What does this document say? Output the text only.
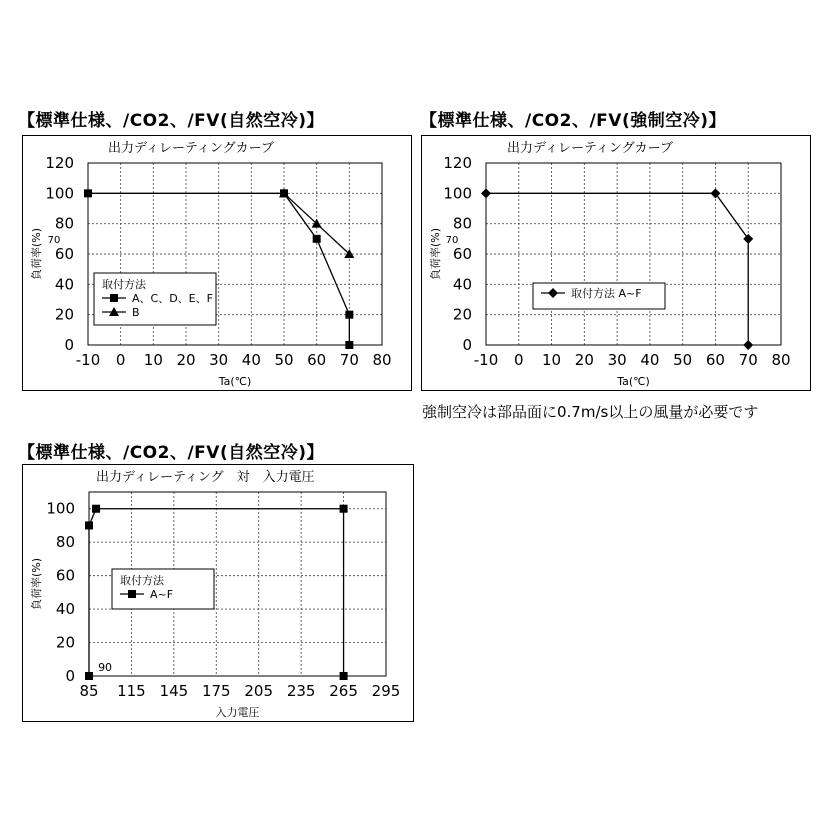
【標準仕様、/CO2、/FV(自然空冷)】	【標準仕様、/CO2、/FV(強制空冷)】
【標準仕様、/CO2、/FV(自然空冷)】
強制空冷は部品面に0.7m/s以上の風量が必要です
出力ディレーティングカーブ
-10 0 10 20 30 40 50 60 70 80
0
20
40
60
80
100
120
Ta(℃)
負荷率(%) 70
取付方法
A、C、D、E、F
B
出力ディレーティングカーブ
-10 0 10 20 30 40 50 60 70 80
0
20
40
60
80
100
120
Ta(℃)
負荷率(%) 70
取付方法 A~F
出力ディレーティング　対　入力電圧
85 115 145 175 205 235 265 295
0
20
40
60
80
100
入力電圧
負荷率(%)
90
取付方法
A~F
